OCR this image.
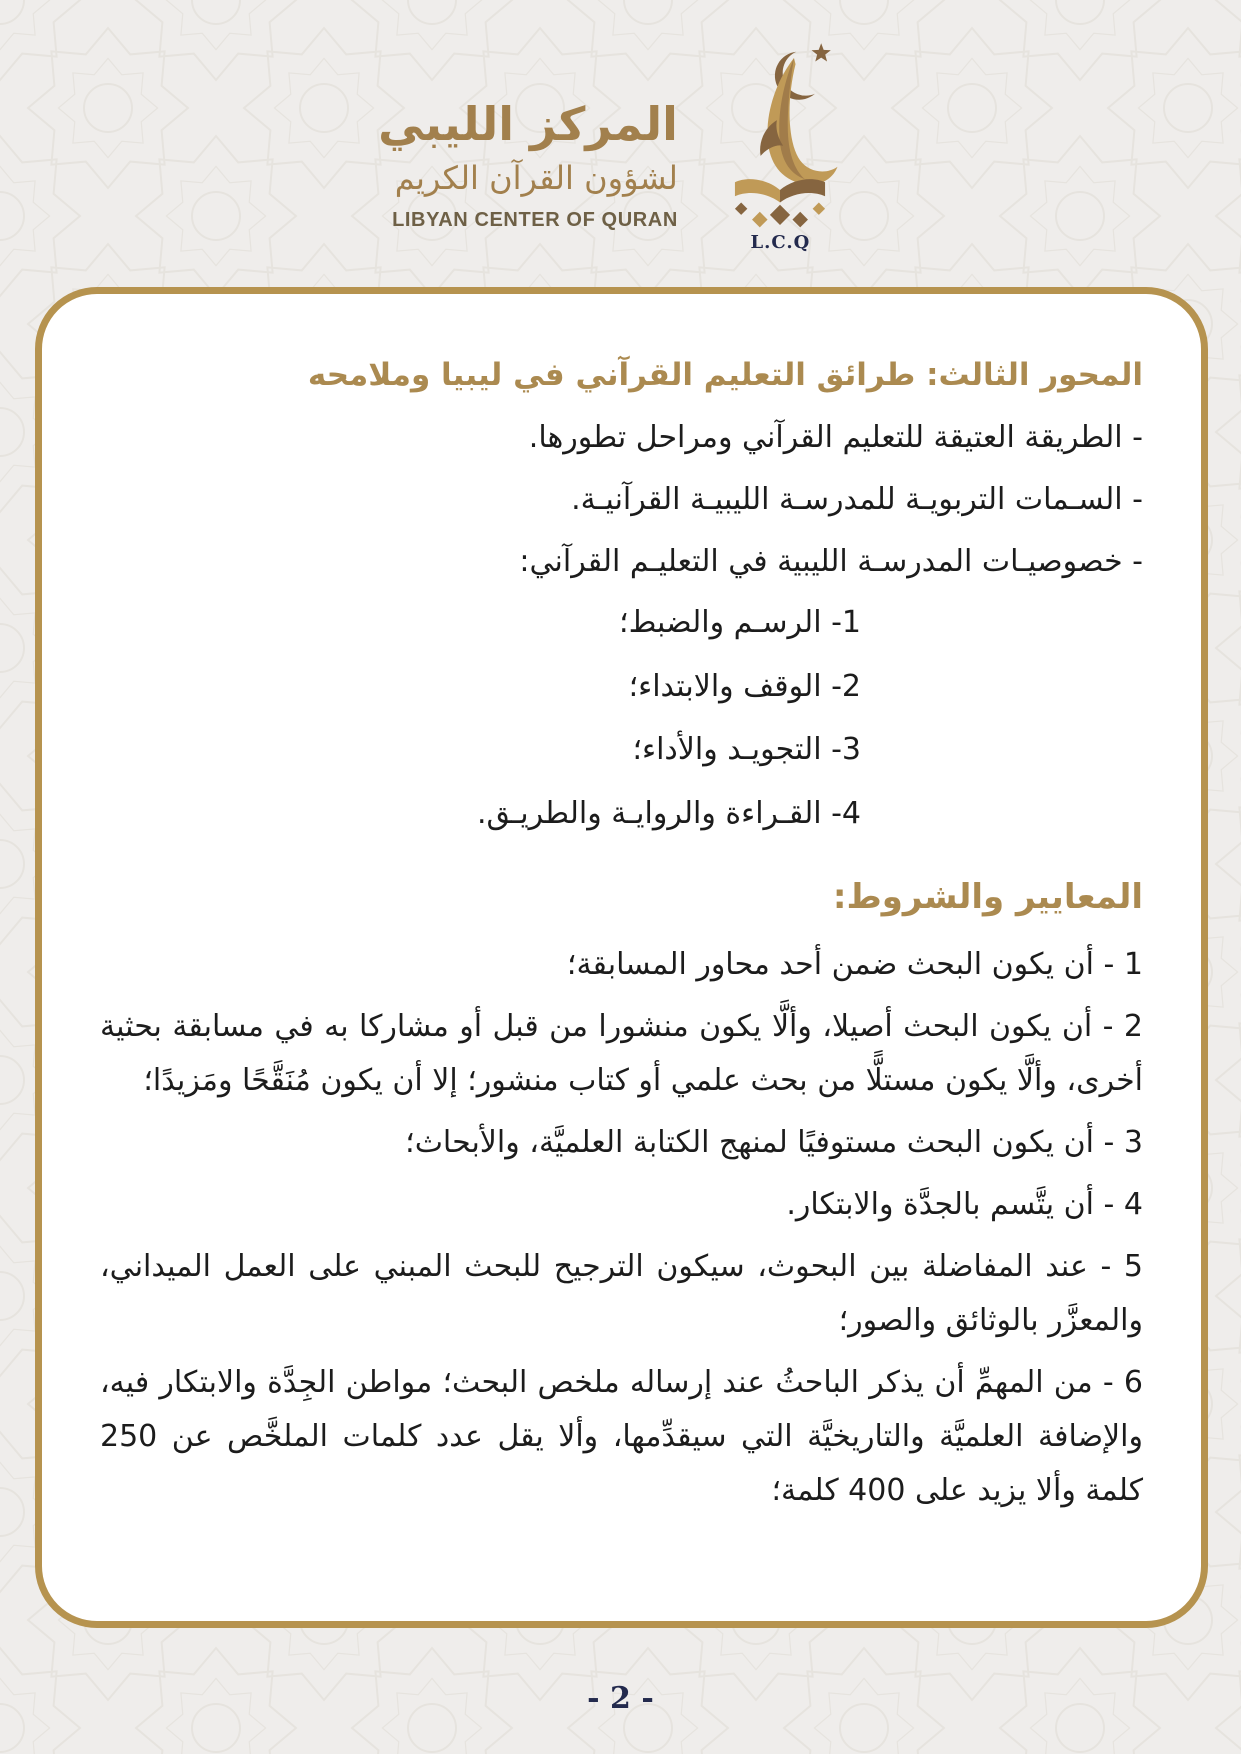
المركز الليبي
لشؤون القرآن الكريم
LIBYAN CENTER OF QURAN
L.C.Q
المحور الثالث: طرائق التعليم القرآني في ليبيا وملامحه

- الطريقة العتيقة للتعليم القرآني ومراحل تطورها.

- السـمات التربويـة للمدرسـة الليبيـة القرآنيـة.

- خصوصيـات المدرسـة الليبية في التعليـم القرآني:

1- الرسـم والضبط؛

2- الوقف والابتداء؛

3- التجويـد والأداء؛

4- القـراءة والروايـة والطريـق.

المعايير والشروط:

1 - أن يكون البحث ضمن أحد محاور المسابقة؛

2 - أن يكون البحث أصيلا، وألَّا يكون منشورا من قبل أو مشاركا به في مسابقة بحثية أخرى، وألَّا يكون مستلًّا من بحث علمي أو كتاب منشور؛ إلا أن يكون مُنَقَّحًا ومَزيدًا؛

3 - أن يكون البحث مستوفيًا لمنهج الكتابة العلميَّة، والأبحاث؛

4 - أن يتَّسم بالجدَّة والابتكار.

5 - عند المفاضلة بين البحوث، سيكون الترجيح للبحث المبني على العمل الميداني، والمعزَّر بالوثائق والصور؛

6 - من المهمِّ أن يذكر الباحثُ عند إرساله ملخص البحث؛ مواطن الجِدَّة والابتكار فيه، والإضافة العلميَّة والتاريخيَّة التي سيقدِّمها، وألا يقل عدد كلمات الملخَّص عن 250 كلمة وألا يزيد على 400 كلمة؛

- 2 -
